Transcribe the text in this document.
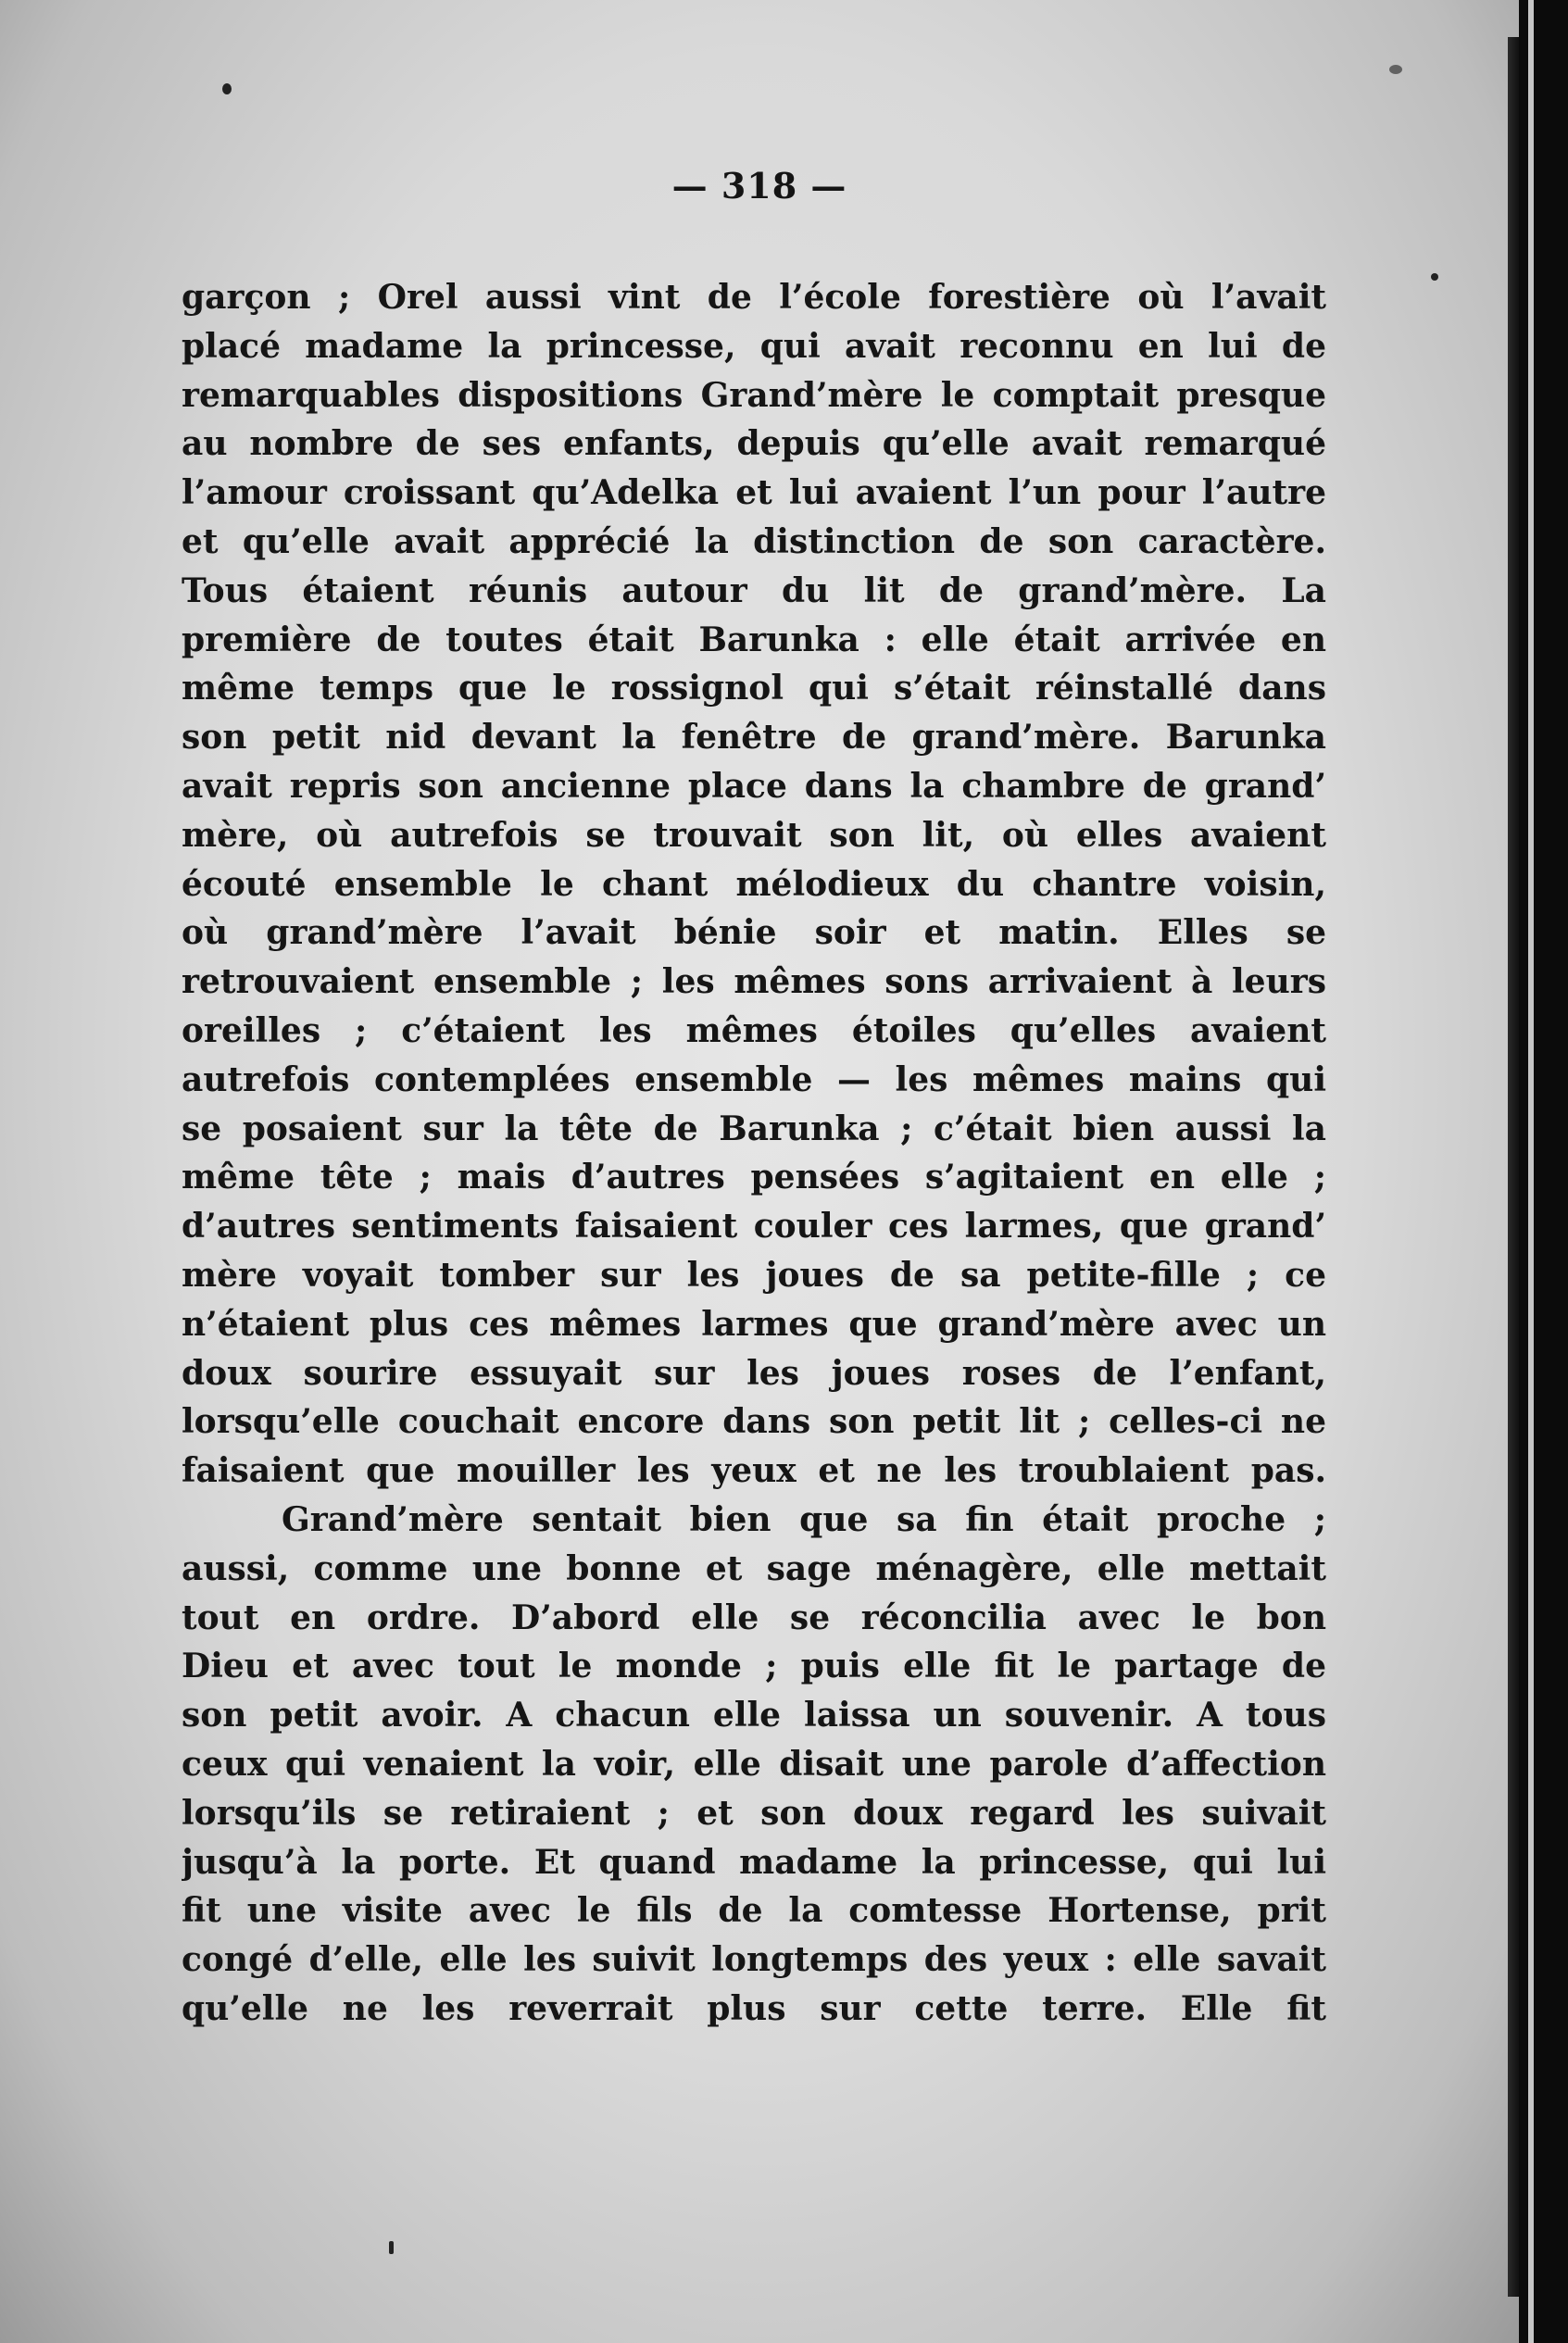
— 318 —
garçon ; Orel aussi vint de l’école forestière où l’avait
placé madame la princesse, qui avait reconnu en lui de
remarquables dispositions Grand’mère le comptait presque
au nombre de ses enfants, depuis qu’elle avait remarqué
l’amour croissant qu’Adelka et lui avaient l’un pour l’autre
et qu’elle avait apprécié la distinction de son caractère.
Tous étaient réunis autour du lit de grand’mère. La
première de toutes était Barunka : elle était arrivée en
même temps que le rossignol qui s’était réinstallé dans
son petit nid devant la fenêtre de grand’mère. Barunka
avait repris son ancienne place dans la chambre de grand’
mère, où autrefois se trouvait son lit, où elles avaient
écouté ensemble le chant mélodieux du chantre voisin,
où grand’mère l’avait bénie soir et matin. Elles se
retrouvaient ensemble ; les mêmes sons arrivaient à leurs
oreilles ; c’étaient les mêmes étoiles qu’elles avaient
autrefois contemplées ensemble — les mêmes mains qui
se posaient sur la tête de Barunka ; c’était bien aussi la
même tête ; mais d’autres pensées s’agitaient en elle ;
d’autres sentiments faisaient couler ces larmes, que grand’
mère voyait tomber sur les joues de sa petite-fille ; ce
n’étaient plus ces mêmes larmes que grand’mère avec un
doux sourire essuyait sur les joues roses de l’enfant,
lorsqu’elle couchait encore dans son petit lit ; celles-ci ne
faisaient que mouiller les yeux et ne les troublaient pas.
Grand’mère sentait bien que sa fin était proche ;
aussi, comme une bonne et sage ménagère, elle mettait
tout en ordre. D’abord elle se réconcilia avec le bon
Dieu et avec tout le monde ; puis elle fit le partage de
son petit avoir. A chacun elle laissa un souvenir. A tous
ceux qui venaient la voir, elle disait une parole d’affection
lorsqu’ils se retiraient ; et son doux regard les suivait
jusqu’à la porte. Et quand madame la princesse, qui lui
fit une visite avec le fils de la comtesse Hortense, prit
congé d’elle, elle les suivit longtemps des yeux : elle savait
qu’elle ne les reverrait plus sur cette terre. Elle fit
